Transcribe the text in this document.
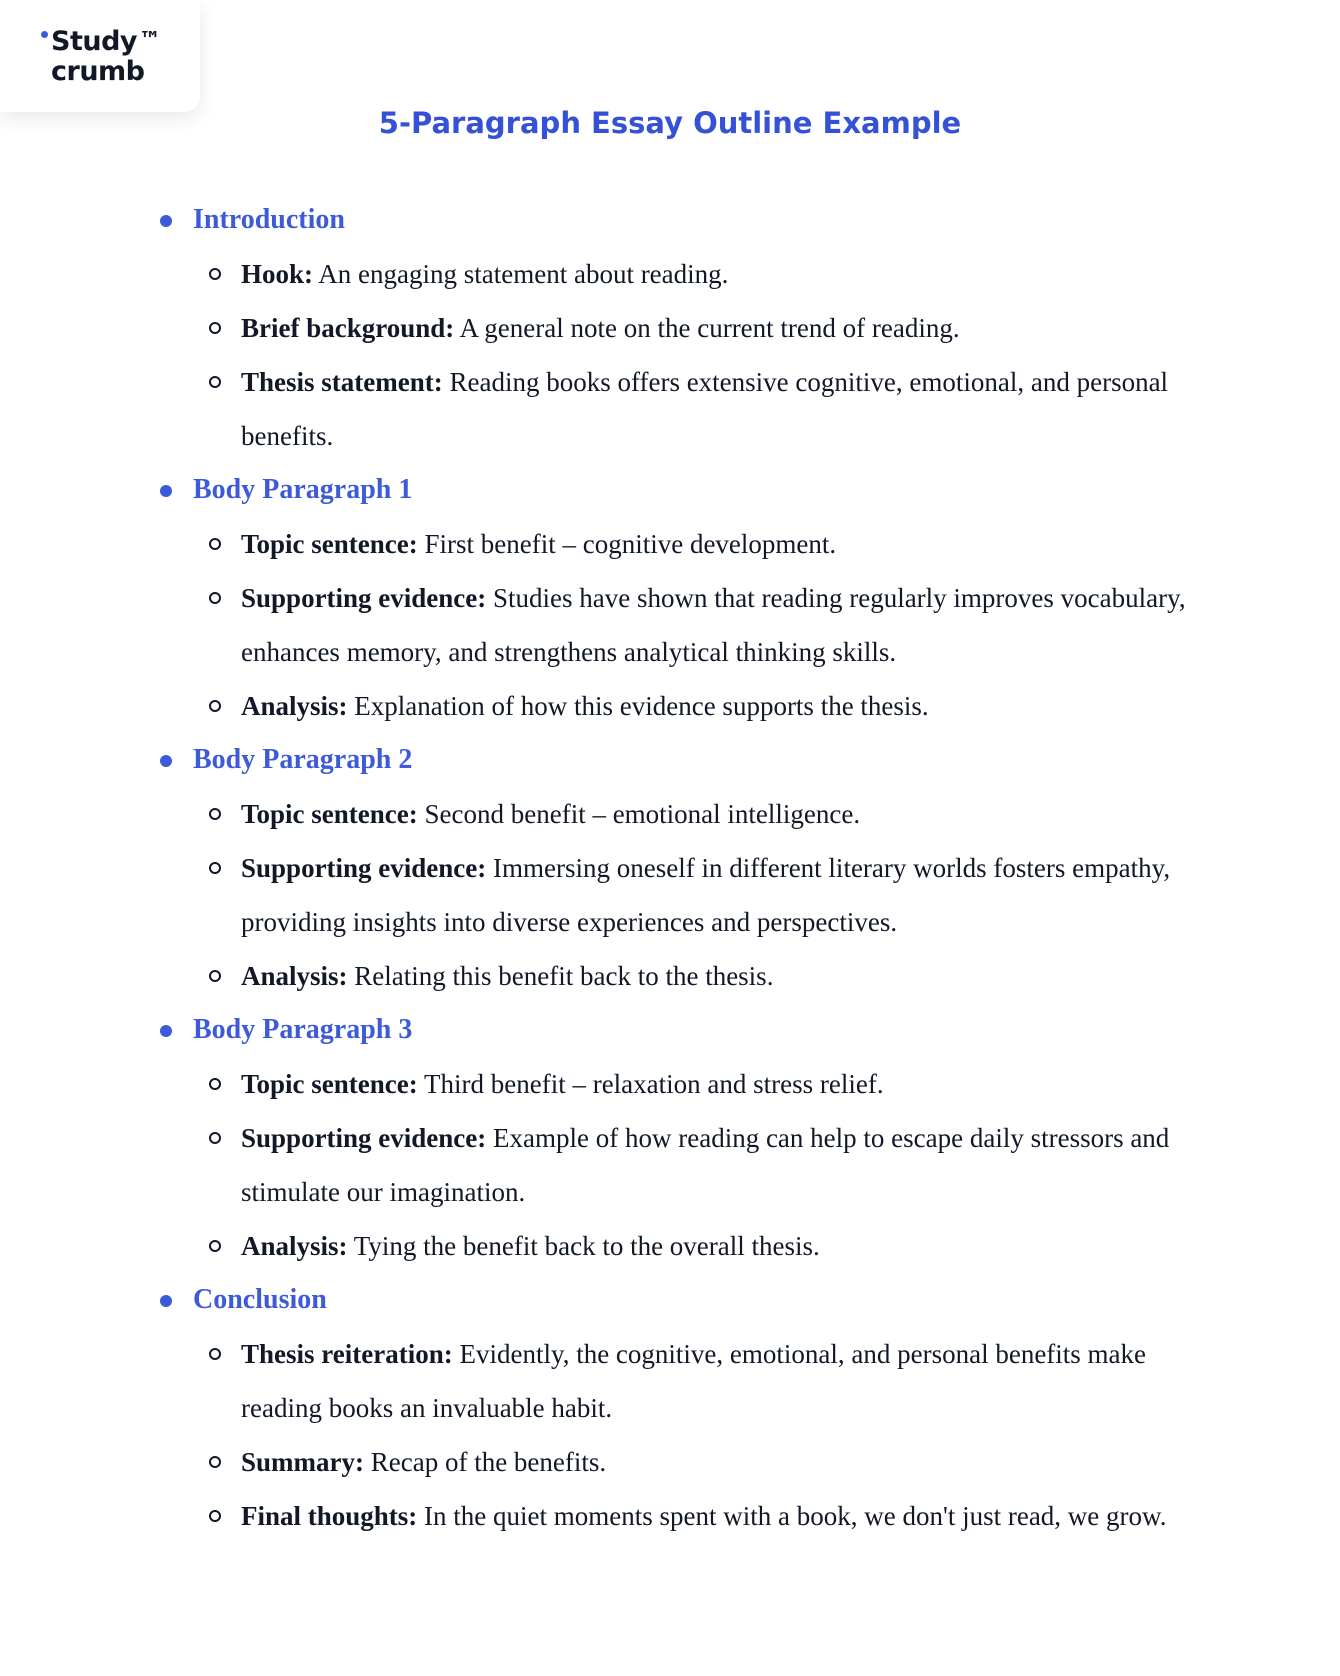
Study™
crumb
5-Paragraph Essay Outline Example
Introduction
Hook: An engaging statement about reading.
Brief background: A general note on the current trend of reading.
Thesis statement: Reading books offers extensive cognitive, emotional, and personal benefits.
Body Paragraph 1
Topic sentence: First benefit – cognitive development.
Supporting evidence: Studies have shown that reading regularly improves vocabulary, enhances memory, and strengthens analytical thinking skills.
Analysis: Explanation of how this evidence supports the thesis.
Body Paragraph 2
Topic sentence: Second benefit – emotional intelligence.
Supporting evidence: Immersing oneself in different literary worlds fosters empathy, providing insights into diverse experiences and perspectives.
Analysis: Relating this benefit back to the thesis.
Body Paragraph 3
Topic sentence: Third benefit – relaxation and stress relief.
Supporting evidence: Example of how reading can help to escape daily stressors and stimulate our imagination.
Analysis: Tying the benefit back to the overall thesis.
Conclusion
Thesis reiteration: Evidently, the cognitive, emotional, and personal benefits make reading books an invaluable habit.
Summary: Recap of the benefits.
Final thoughts: In the quiet moments spent with a book, we don't just read, we grow.
